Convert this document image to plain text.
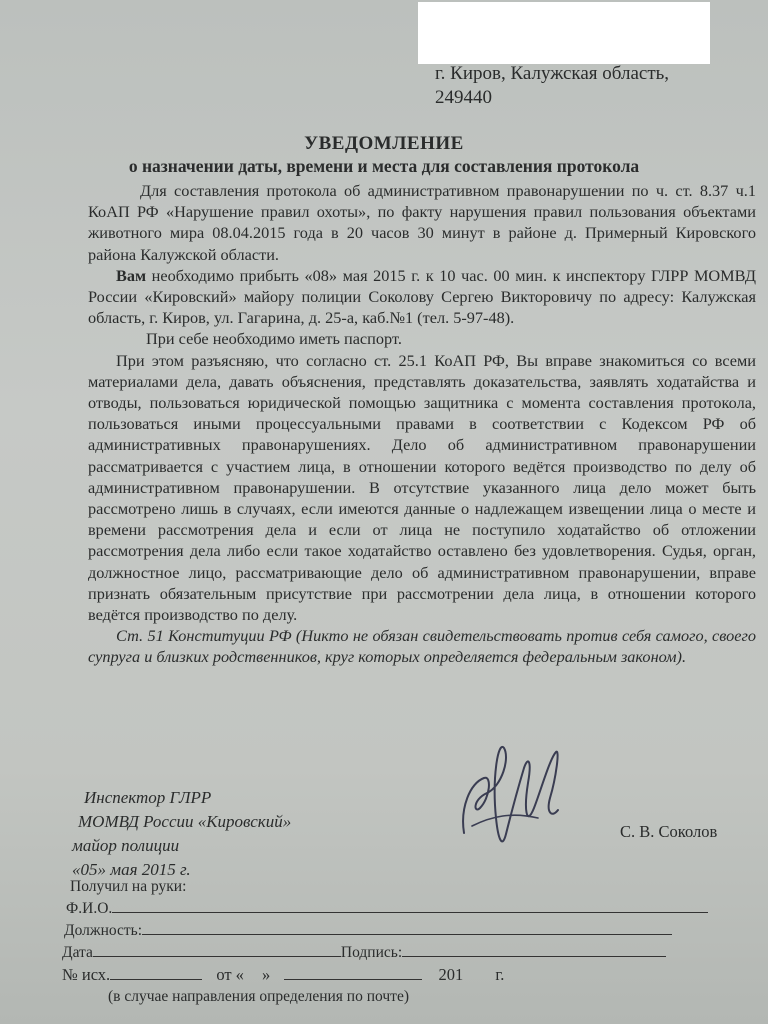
г. Киров, Калужская область,
249440
УВЕДОМЛЕНИЕ
о назначении даты, времени и места для составления протокола

Для составления протокола об административном правонарушении по ч. ст. 8.37 ч.1 КоАП РФ «Нарушение правил охоты», по факту нарушения правил пользования объектами животного мира 08.04.2015 года в 20 часов 30 минут в районе д. Примерный Кировского района Калужской области.

Вам необходимо прибыть «08» мая 2015 г. к 10 час. 00 мин. к инспектору ГЛРР МОМВД России «Кировский» майору полиции Соколову Сергею Викторовичу по адресу: Калужская область, г. Киров, ул. Гагарина, д. 25-а, каб.№1 (тел. 5-97-48).

При себе необходимо иметь паспорт.

При этом разъясняю, что согласно ст. 25.1 КоАП РФ, Вы вправе знакомиться со всеми материалами дела, давать объяснения, представлять доказательства, заявлять ходатайства и отводы, пользоваться юридической помощью защитника с момента составления протокола, пользоваться иными процессуальными правами в соответствии с Кодексом РФ об административных правонарушениях. Дело об административном правонарушении рассматривается с участием лица, в отношении которого ведётся производство по делу об административном правонарушении. В отсутствие указанного лица дело может быть рассмотрено лишь в случаях, если имеются данные о надлежащем извещении лица о месте и времени рассмотрения дела и если от лица не поступило ходатайство об отложении рассмотрения дела либо если такое ходатайство оставлено без удовлетворения. Судья, орган, должностное лицо, рассматривающие дело об административном правонарушении, вправе признать обязательным присутствие при рассмотрении дела лица, в отношении которого ведётся производство по делу.

Ст. 51 Конституции РФ (Никто не обязан свидетельствовать против себя самого, своего супруга и близких родственников, круг которых определяется федеральным законом).

Инспектор ГЛРР
МОМВД России «Кировский»
майор полиции
«05» мая 2015 г.
С. В. Соколов
Получил на руки:
Ф.И.О.
Должность:
Дата	Подпись:
№ исх.	от « »	201 г.
(в случае направления определения по почте)
